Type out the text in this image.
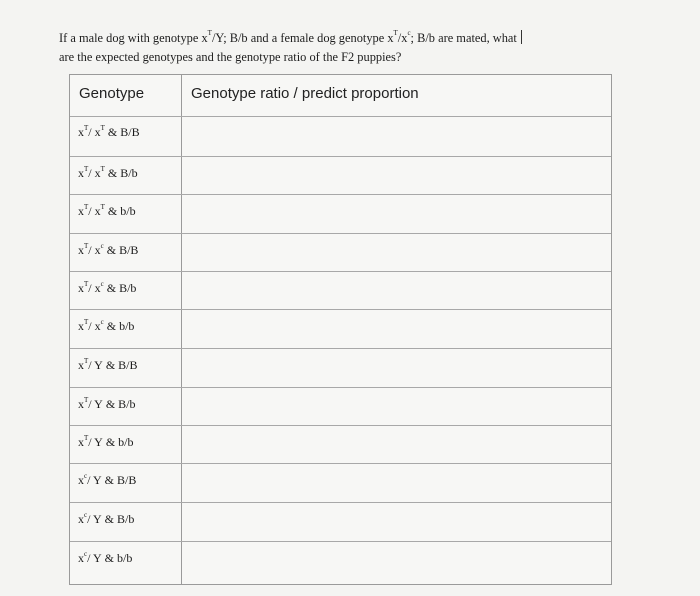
If a male dog with genotype $x^T/Y$; B/b and a female dog genotype $x^T/x^c$; B/b are mated, what
are the expected genotypes and the genotype ratio of the F2 puppies?
Genotype	Genotype ratio / predict proportion
$x^T/$ $x^T$ & B/B
$x^T/$ $x^T$ & B/b
$x^T/$ $x^T$ & b/b
$x^T/$ $x^c$ & B/B
$x^T/$ $x^c$ & B/b
$x^T/$ $x^c$ & b/b
$x^T/$ Y & B/B
$x^T/$ Y & B/b
$x^T/$ Y & b/b
$x^c/$ Y & B/B
$x^c/$ Y & B/b
$x^c/$ Y & b/b
